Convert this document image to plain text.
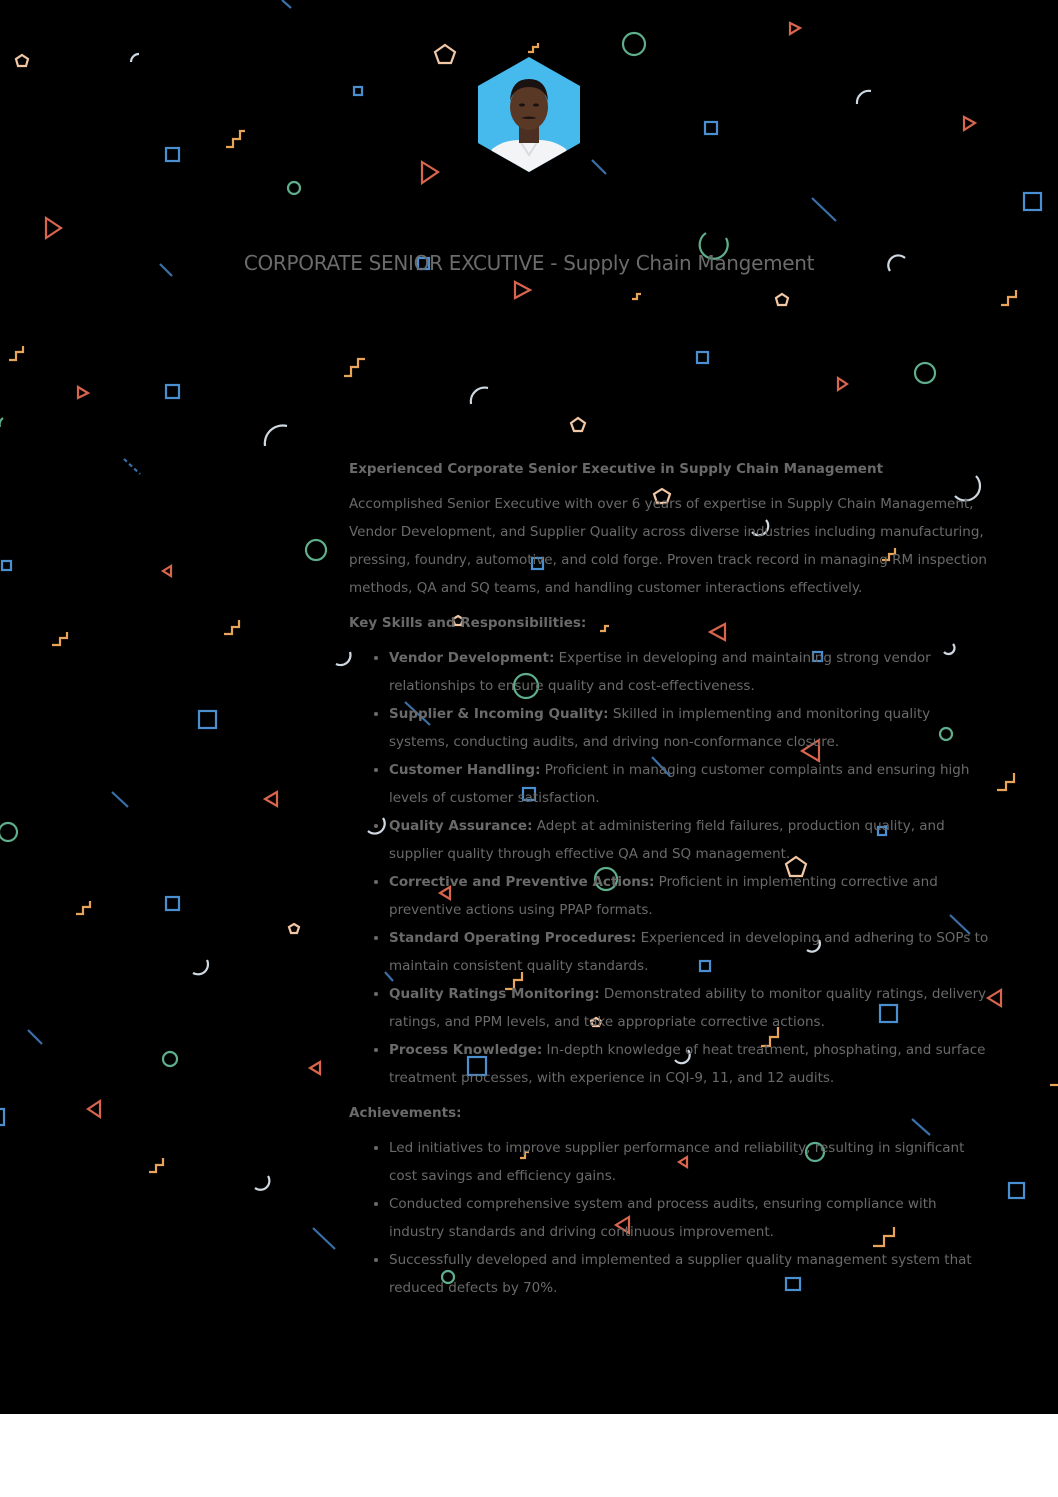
CORPORATE SENIOR EXCUTIVE - Supply Chain Mangement
Experienced Corporate Senior Executive in Supply Chain Management

Accomplished Senior Executive with over 6 years of expertise in Supply Chain Management, Vendor Development, and Supplier Quality across diverse industries including manufacturing, pressing, foundry, automotive, and cold forge. Proven track record in managing RM inspection methods, QA and SQ teams, and handling customer interactions effectively.

Key Skills and Responsibilities:
• Vendor Development: Expertise in developing and maintaining strong vendor relationships to ensure quality and cost-effectiveness.
• Supplier & Incoming Quality: Skilled in implementing and monitoring quality systems, conducting audits, and driving non-conformance closure.
• Customer Handling: Proficient in managing customer complaints and ensuring high levels of customer satisfaction.
• Quality Assurance: Adept at administering field failures, production quality, and supplier quality through effective QA and SQ management.
• Corrective and Preventive Actions: Proficient in implementing corrective and preventive actions using PPAP formats.
• Standard Operating Procedures: Experienced in developing and adhering to SOPs to maintain consistent quality standards.
• Quality Ratings Monitoring: Demonstrated ability to monitor quality ratings, delivery ratings, and PPM levels, and take appropriate corrective actions.
• Process Knowledge: In-depth knowledge of heat treatment, phosphating, and surface treatment processes, with experience in CQI-9, 11, and 12 audits.
Achievements:
• Led initiatives to improve supplier performance and reliability, resulting in significant cost savings and efficiency gains.
• Conducted comprehensive system and process audits, ensuring compliance with industry standards and driving continuous improvement.
• Successfully developed and implemented a supplier quality management system that reduced defects by 70%.
